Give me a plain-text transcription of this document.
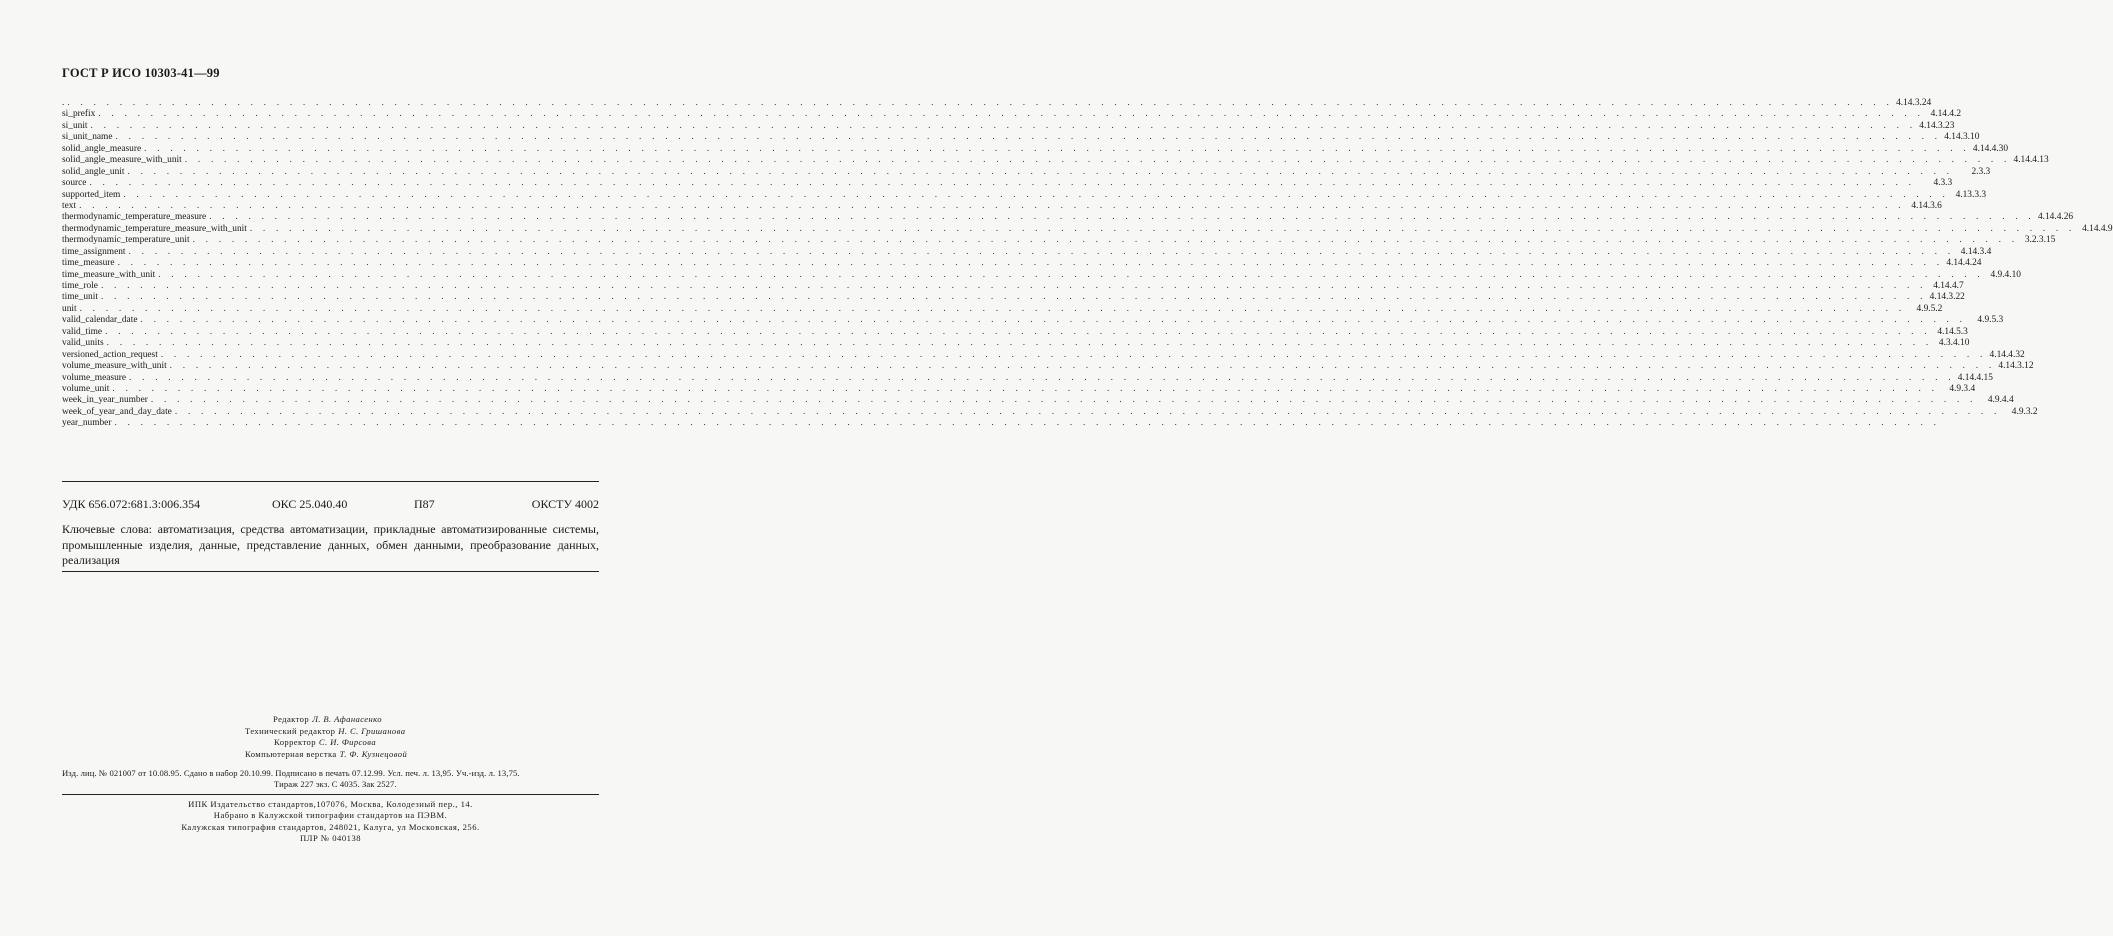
ГОСТ Р ИСО 10303-41—99
. . . . . . . . . . . . . . . . . . . . . . . . . . . . . . . . . . . . . . . . . . . . . . . . . . . . . . . . . . . . . . . . . . . . . . . . . . . . . . . . . . . . . . . . . . . . . . . . . . . . . . . . . . . . . . . . . . . . . . . . . . . . . . . . . . . . . . . . . . . . . 4.14.3.24
si_prefix . . . . . . . . . . . . . . . . . . . . . . . . . . . . . . . . . . . . . . . . . . . . . . . . . . . . . . . . . . . . . . . . . . . . . . . . . . . . . . . . . . . . . . . . . . . . . . . . . . . . . . . . . . . . . . . . . . . . . . . . . . . . . . . . . . . . . . . . . . . . 4.14.4.2
si_unit . . . . . . . . . . . . . . . . . . . . . . . . . . . . . . . . . . . . . . . . . . . . . . . . . . . . . . . . . . . . . . . . . . . . . . . . . . . . . . . . . . . . . . . . . . . . . . . . . . . . . . . . . . . . . . . . . . . . . . . . . . . . . . . . . . . . . . . . . . . . 4.14.3.23
si_unit_name . . . . . . . . . . . . . . . . . . . . . . . . . . . . . . . . . . . . . . . . . . . . . . . . . . . . . . . . . . . . . . . . . . . . . . . . . . . . . . . . . . . . . . . . . . . . . . . . . . . . . . . . . . . . . . . . . . . . . . . . . . . . . . . . . . . . . . . . . . . . 4.14.3.10
solid_angle_measure . . . . . . . . . . . . . . . . . . . . . . . . . . . . . . . . . . . . . . . . . . . . . . . . . . . . . . . . . . . . . . . . . . . . . . . . . . . . . . . . . . . . . . . . . . . . . . . . . . . . . . . . . . . . . . . . . . . . . . . . . . . . . . . . . . . . . . . . . . . . 4.14.4.30
solid_angle_measure_with_unit . . . . . . . . . . . . . . . . . . . . . . . . . . . . . . . . . . . . . . . . . . . . . . . . . . . . . . . . . . . . . . . . . . . . . . . . . . . . . . . . . . . . . . . . . . . . . . . . . . . . . . . . . . . . . . . . . . . . . . . . . . . . . . . . . . . . . . . . . . . . 4.14.4.13
solid_angle_unit . . . . . . . . . . . . . . . . . . . . . . . . . . . . . . . . . . . . . . . . . . . . . . . . . . . . . . . . . . . . . . . . . . . . . . . . . . . . . . . . . . . . . . . . . . . . . . . . . . . . . . . . . . . . . . . . . . . . . . . . . . . . . . . . . . . . . . . . . . . .	2.3.3
source . . . . . . . . . . . . . . . . . . . . . . . . . . . . . . . . . . . . . . . . . . . . . . . . . . . . . . . . . . . . . . . . . . . . . . . . . . . . . . . . . . . . . . . . . . . . . . . . . . . . . . . . . . . . . . . . . . . . . . . . . . . . . . . . . . . . . . . . . . . .	4.3.3
supported_item . . . . . . . . . . . . . . . . . . . . . . . . . . . . . . . . . . . . . . . . . . . . . . . . . . . . . . . . . . . . . . . . . . . . . . . . . . . . . . . . . . . . . . . . . . . . . . . . . . . . . . . . . . . . . . . . . . . . . . . . . . . . . . . . . . . . . . . . . . . . 4.13.3.3
text . . . . . . . . . . . . . . . . . . . . . . . . . . . . . . . . . . . . . . . . . . . . . . . . . . . . . . . . . . . . . . . . . . . . . . . . . . . . . . . . . . . . . . . . . . . . . . . . . . . . . . . . . . . . . . . . . . . . . . . . . . . . . . . . . . . . . . . . . . . . 4.14.3.6
thermodynamic_temperature_measure . . . . . . . . . . . . . . . . . . . . . . . . . . . . . . . . . . . . . . . . . . . . . . . . . . . . . . . . . . . . . . . . . . . . . . . . . . . . . . . . . . . . . . . . . . . . . . . . . . . . . . . . . . . . . . . . . . . . . . . . . . . . . . . . . . . . . . . . . . . . 4.14.4.26
thermodynamic_temperature_measure_with_unit . . . . . . . . . . . . . . . . . . . . . . . . . . . . . . . . . . . . . . . . . . . . . . . . . . . . . . . . . . . . . . . . . . . . . . . . . . . . . . . . . . . . . . . . . . . . . . . . . . . . . . . . . . . . . . . . . . . . . . . . . . . . . . . . . . . . . . . . . . . . 4.14.4.9
thermodynamic_temperature_unit . . . . . . . . . . . . . . . . . . . . . . . . . . . . . . . . . . . . . . . . . . . . . . . . . . . . . . . . . . . . . . . . . . . . . . . . . . . . . . . . . . . . . . . . . . . . . . . . . . . . . . . . . . . . . . . . . . . . . . . . . . . . . . . . . . . . . . . . . . . . 3.2.3.15
time_assignment . . . . . . . . . . . . . . . . . . . . . . . . . . . . . . . . . . . . . . . . . . . . . . . . . . . . . . . . . . . . . . . . . . . . . . . . . . . . . . . . . . . . . . . . . . . . . . . . . . . . . . . . . . . . . . . . . . . . . . . . . . . . . . . . . . . . . . . . . . . . 4.14.3.4
time_measure . . . . . . . . . . . . . . . . . . . . . . . . . . . . . . . . . . . . . . . . . . . . . . . . . . . . . . . . . . . . . . . . . . . . . . . . . . . . . . . . . . . . . . . . . . . . . . . . . . . . . . . . . . . . . . . . . . . . . . . . . . . . . . . . . . . . . . . . . . . . 4.14.4.24
time_measure_with_unit . . . . . . . . . . . . . . . . . . . . . . . . . . . . . . . . . . . . . . . . . . . . . . . . . . . . . . . . . . . . . . . . . . . . . . . . . . . . . . . . . . . . . . . . . . . . . . . . . . . . . . . . . . . . . . . . . . . . . . . . . . . . . . . . . . . . . . . . . . . . 4.9.4.10
time_role . . . . . . . . . . . . . . . . . . . . . . . . . . . . . . . . . . . . . . . . . . . . . . . . . . . . . . . . . . . . . . . . . . . . . . . . . . . . . . . . . . . . . . . . . . . . . . . . . . . . . . . . . . . . . . . . . . . . . . . . . . . . . . . . . . . . . . . . . . . . 4.14.4.7
time_unit . . . . . . . . . . . . . . . . . . . . . . . . . . . . . . . . . . . . . . . . . . . . . . . . . . . . . . . . . . . . . . . . . . . . . . . . . . . . . . . . . . . . . . . . . . . . . . . . . . . . . . . . . . . . . . . . . . . . . . . . . . . . . . . . . . . . . . . . . . . . 4.14.3.22
unit . . . . . . . . . . . . . . . . . . . . . . . . . . . . . . . . . . . . . . . . . . . . . . . . . . . . . . . . . . . . . . . . . . . . . . . . . . . . . . . . . . . . . . . . . . . . . . . . . . . . . . . . . . . . . . . . . . . . . . . . . . . . . . . . . . . . . . . . . . . .	4.9.5.2
valid_calendar_date . . . . . . . . . . . . . . . . . . . . . . . . . . . . . . . . . . . . . . . . . . . . . . . . . . . . . . . . . . . . . . . . . . . . . . . . . . . . . . . . . . . . . . . . . . . . . . . . . . . . . . . . . . . . . . . . . . . . . . . . . . . . . . . . . . . . . . . . . . . .	4.9.5.3
valid_time . . . . . . . . . . . . . . . . . . . . . . . . . . . . . . . . . . . . . . . . . . . . . . . . . . . . . . . . . . . . . . . . . . . . . . . . . . . . . . . . . . . . . . . . . . . . . . . . . . . . . . . . . . . . . . . . . . . . . . . . . . . . . . . . . . . . . . . . . . . . 4.14.5.3
valid_units . . . . . . . . . . . . . . . . . . . . . . . . . . . . . . . . . . . . . . . . . . . . . . . . . . . . . . . . . . . . . . . . . . . . . . . . . . . . . . . . . . . . . . . . . . . . . . . . . . . . . . . . . . . . . . . . . . . . . . . . . . . . . . . . . . . . . . . . . . . . 4.3.4.10
versioned_action_request . . . . . . . . . . . . . . . . . . . . . . . . . . . . . . . . . . . . . . . . . . . . . . . . . . . . . . . . . . . . . . . . . . . . . . . . . . . . . . . . . . . . . . . . . . . . . . . . . . . . . . . . . . . . . . . . . . . . . . . . . . . . . . . . . . . . . . . . . . . . 4.14.4.32
volume_measure_with_unit . . . . . . . . . . . . . . . . . . . . . . . . . . . . . . . . . . . . . . . . . . . . . . . . . . . . . . . . . . . . . . . . . . . . . . . . . . . . . . . . . . . . . . . . . . . . . . . . . . . . . . . . . . . . . . . . . . . . . . . . . . . . . . . . . . . . . . . . . . . . 4.14.3.12
volume_measure . . . . . . . . . . . . . . . . . . . . . . . . . . . . . . . . . . . . . . . . . . . . . . . . . . . . . . . . . . . . . . . . . . . . . . . . . . . . . . . . . . . . . . . . . . . . . . . . . . . . . . . . . . . . . . . . . . . . . . . . . . . . . . . . . . . . . . . . . . . . 4.14.4.15
volume_unit . . . . . . . . . . . . . . . . . . . . . . . . . . . . . . . . . . . . . . . . . . . . . . . . . . . . . . . . . . . . . . . . . . . . . . . . . . . . . . . . . . . . . . . . . . . . . . . . . . . . . . . . . . . . . . . . . . . . . . . . . . . . . . . . . . . . . . . . . . . .	4.9.3.4
week_in_year_number . . . . . . . . . . . . . . . . . . . . . . . . . . . . . . . . . . . . . . . . . . . . . . . . . . . . . . . . . . . . . . . . . . . . . . . . . . . . . . . . . . . . . . . . . . . . . . . . . . . . . . . . . . . . . . . . . . . . . . . . . . . . . . . . . . . . . . . . . . . .	4.9.4.4
week_of_year_and_day_date . . . . . . . . . . . . . . . . . . . . . . . . . . . . . . . . . . . . . . . . . . . . . . . . . . . . . . . . . . . . . . . . . . . . . . . . . . . . . . . . . . . . . . . . . . . . . . . . . . . . . . . . . . . . . . . . . . . . . . . . . . . . . . . . . . . . . . . . . . . .	4.9.3.2
year_number . . . . . . . . . . . . . . . . . . . . . . . . . . . . . . . . . . . . . . . . . . . . . . . . . . . . . . . . . . . . . . . . . . . . . . . . . . . . . . . . . . . . . . . . . . . . . . . . . . . . . . . . . . . . . . . . . . . . . . . . . . . . . . . . . . . . . . . . . . . .
УДК 656.072:681.3:006.354	ОКС 25.040.40	П87	ОКСТУ 4002
Ключевые слова: автоматизация, средства автоматизации, прикладные автоматизированные системы, промышленные изделия, данные, представление данных, обмен данными, преобразование данных, реализация
Редактор Л. В. Афанасенко
Технический редактор Н. С. Гришанова
Корректор С. И. Фирсова
Компьютерная верстка Т. Ф. Кузнецовой
Изд. лиц. № 021007 от 10.08.95. Сдано в набор 20.10.99. Подписано в печать 07.12.99. Усл. печ. л. 13,95. Уч.-изд. л. 13,75.
Тираж 227 экз. С 4035. Зак 2527.
ИПК Издательство стандартов,107076, Москва, Колодезный пер., 14.
Набрано в Калужской типографии стандартов на ПЭВМ.
Калужская типография стандартов, 248021, Калуга, ул Московская, 256.
ПЛР № 040138
